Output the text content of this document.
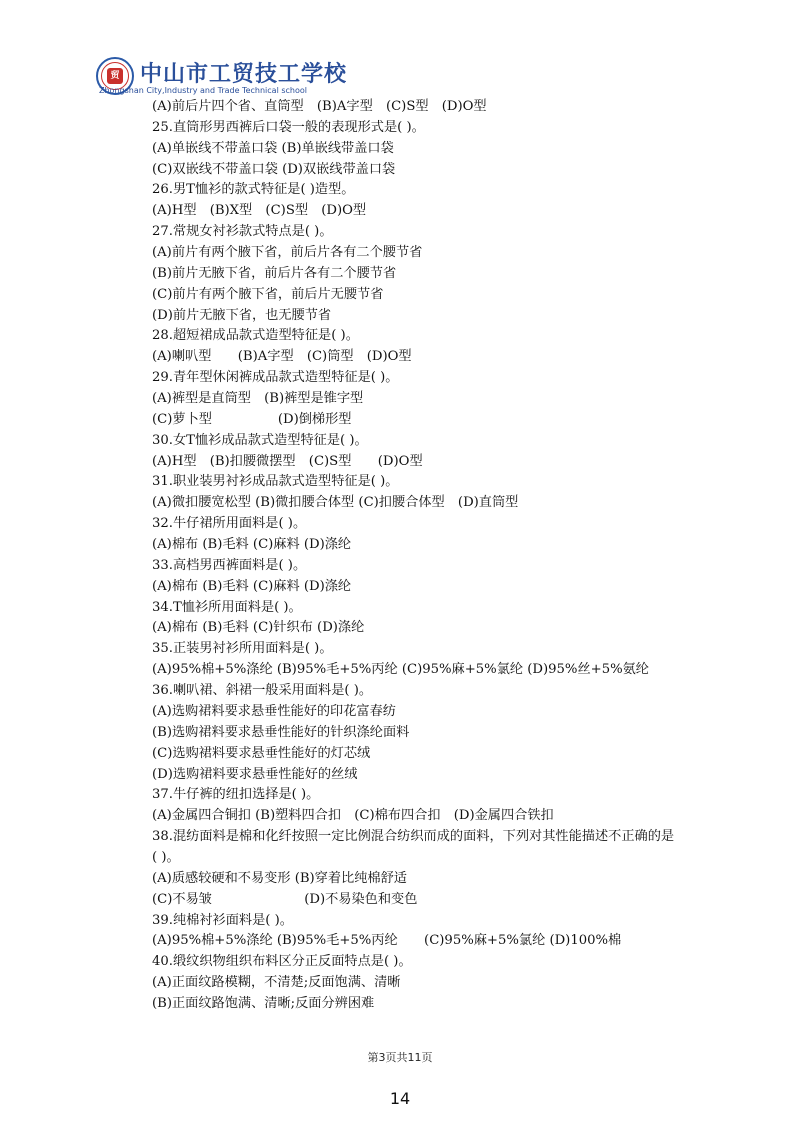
贸 中山市工贸技工学校
Zhongshan City,Industry and Trade Technical school
(A)前后片四个省、直筒型　(B)A字型　(C)S型　(D)O型
25.直筒形男西裤后口袋一般的表现形式是( )。
(A)单嵌线不带盖口袋 (B)单嵌线带盖口袋
(C)双嵌线不带盖口袋 (D)双嵌线带盖口袋
26.男T恤衫的款式特征是( )造型。
(A)H型　(B)X型　(C)S型　(D)O型
27.常规女衬衫款式特点是( )。
(A)前片有两个腋下省，前后片各有二个腰节省
(B)前片无腋下省，前后片各有二个腰节省
(C)前片有两个腋下省，前后片无腰节省
(D)前片无腋下省，也无腰节省
28.超短裙成品款式造型特征是( )。
(A)喇叭型　　(B)A字型　(C)筒型　(D)O型
29.青年型休闲裤成品款式造型特征是( )。
(A)裤型是直筒型　(B)裤型是锥字型
(C)萝卜型　　　　　(D)倒梯形型
30.女T恤衫成品款式造型特征是( )。
(A)H型　(B)扣腰微摆型　(C)S型　　(D)O型
31.职业装男衬衫成品款式造型特征是( )。
(A)微扣腰宽松型 (B)微扣腰合体型 (C)扣腰合体型　(D)直筒型
32.牛仔裙所用面料是( )。
(A)棉布 (B)毛料 (C)麻料 (D)涤纶
33.高档男西裤面料是( )。
(A)棉布 (B)毛料 (C)麻料 (D)涤纶
34.T恤衫所用面料是( )。
(A)棉布 (B)毛料 (C)针织布 (D)涤纶
35.正装男衬衫所用面料是( )。
(A)95%棉+5%涤纶 (B)95%毛+5%丙纶 (C)95%麻+5%氯纶 (D)95%丝+5%氨纶
36.喇叭裙、斜裙一般采用面料是( )。
(A)选购裙料要求悬垂性能好的印花富春纺
(B)选购裙料要求悬垂性能好的针织涤纶面料
(C)选购裙料要求悬垂性能好的灯芯绒
(D)选购裙料要求悬垂性能好的丝绒
37.牛仔裤的纽扣选择是( )。
(A)金属四合铜扣 (B)塑料四合扣　(C)棉布四合扣　(D)金属四合铁扣
38.混纺面料是棉和化纤按照一定比例混合纺织而成的面料，下列对其性能描述不正确的是
( )。
(A)质感较硬和不易变形 (B)穿着比纯棉舒适
(C)不易皱　　　　　　　(D)不易染色和变色
39.纯棉衬衫面料是( )。
(A)95%棉+5%涤纶 (B)95%毛+5%丙纶　　(C)95%麻+5%氯纶 (D)100%棉
40.缎纹织物组织布料区分正反面特点是( )。
(A)正面纹路模糊，不清楚;反面饱满、清晰
(B)正面纹路饱满、清晰;反面分辨困难
第3页共11页
14
